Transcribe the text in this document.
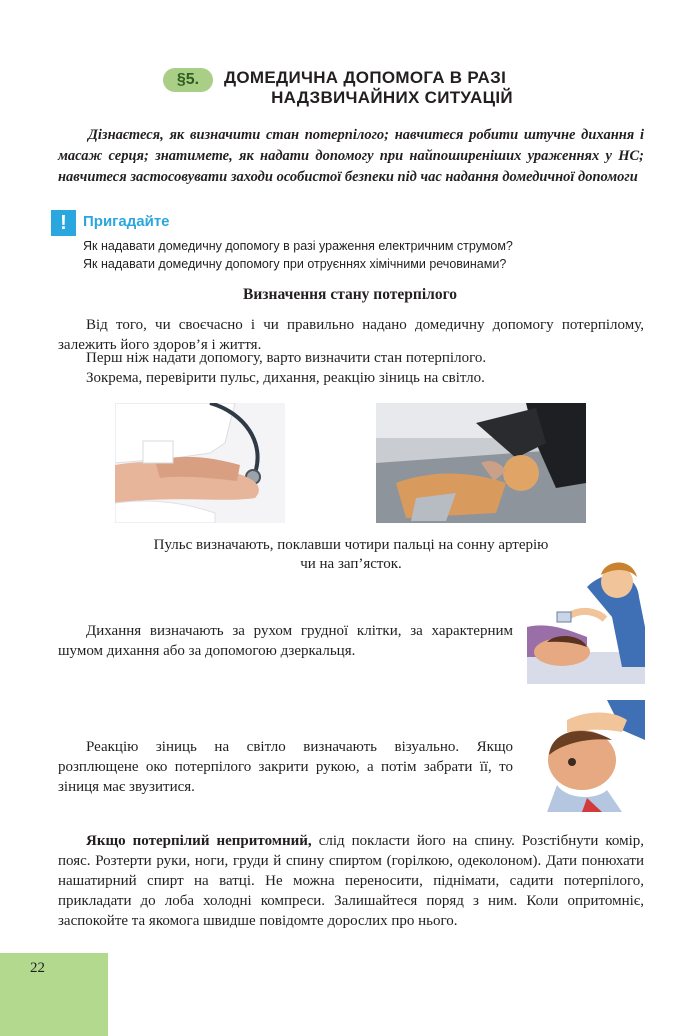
§5.	ДОМЕДИЧНА ДОПОМОГА В РАЗІ
НАДЗВИЧАЙНИХ СИТУАЦІЙ
Дізнаєтеся, як визначити стан потерпілого; навчитеся робити штучне дихання і масаж серця; знатимете, як надати допомогу при найпоширеніших ураженнях у НС; навчитеся застосовувати заходи особистої безпеки під час надання домедичної допомоги
!	Пригадайте
Як надавати домедичну допомогу в разі ураження електричним струмом?
Як надавати домедичну допомогу при отруєннях хімічними речовинами?
Визначення стану потерпілого
Від того, чи своєчасно і чи правильно надано домедичну допомогу потерпілому, залежить його здоров’я і життя.
Перш ніж надати допомогу, варто визначити стан потерпілого.
Зокрема, перевірити пульс, дихання, реакцію зіниць на світло.
Пульс визначають, поклавши чотири пальці на сонну артерію
чи на зап’ясток.
Дихання визначають за рухом грудної клітки, за характерним шумом дихання або за допомогою дзеркальця.
Реакцію зіниць на світло визначають візуально. Якщо розплющене око потерпілого закрити рукою, а потім забрати її, то зіниця має звузитися.
Якщо потерпілий непритомний, слід покласти його на спину. Розстібнути комір, пояс. Розтерти руки, ноги, груди й спину спиртом (горілкою, одеколоном). Дати понюхати нашатирний спирт на ватці. Не можна переносити, піднімати, садити потерпілого, прикладати до лоба холодні компреси. Залишайтеся поряд з ним. Коли опритомніє, заспокойте та якомога швидше повідомте дорослих про нього.
22
